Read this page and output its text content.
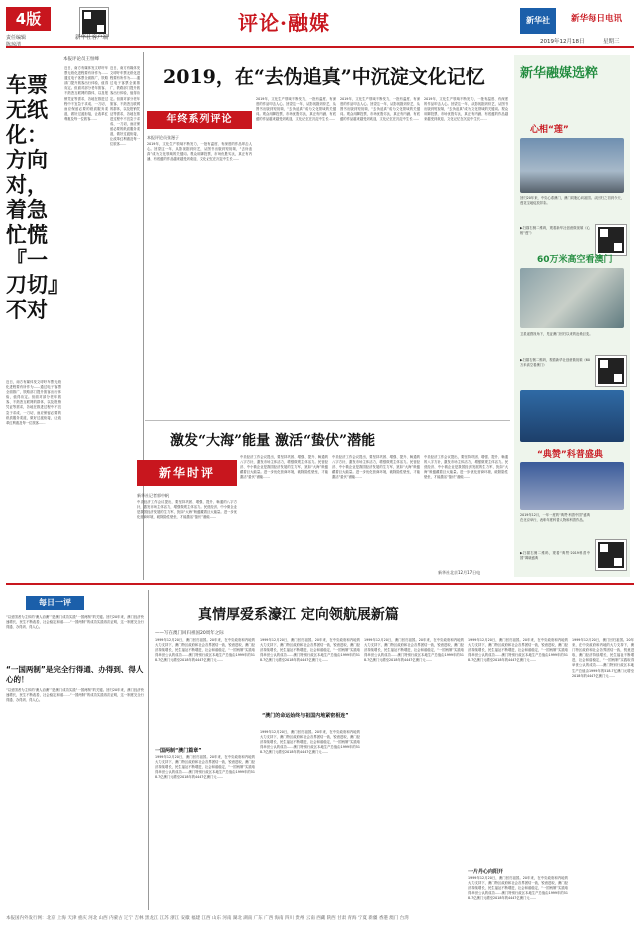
4版
责任编辑
陈琼清
新华社客户端
评论·融媒	新华社	新华每日电讯
2019年12月18日	星期三
本报评论员王恒峰
车票无纸化：方向对，着急忙慌『一刀切』不对
近日，南方有媒体发文呼吁车票无纸化进程要有所作为……通过电子客票全面推广，铁路部门提升旅客出行体验，值得肯定。但面对部分老年旅客、不熟悉互联网的群体，以及报销凭证等需求，各地在推进过程中不宜急于求成、一刀切，而应保留必要的纸质服务渠道，做好过渡衔接，让改革红利惠及每一位旅客……
近日，南方有媒体发文呼吁车票无纸化进程要有所作为……通过电子客票全面推广，铁路部门提升旅客出行体验，值得肯定。但面对部分老年旅客、不熟悉互联网的群体，以及报销凭证等需求，各地在推进过程中不宜急于求成、一刀切，而应保留必要的纸质服务渠道，做好过渡衔接，让改革红利惠及每一位旅客……
近日，南方有媒体发文呼吁车票无纸化进程要有所作为……通过电子客票全面推广，铁路部门提升旅客出行体验，值得肯定。但面对部分老年旅客、不熟悉互联网的群体，以及报销凭证等需求，各地在推进过程中不宜急于求成、一刀切，而应保留必要的纸质服务渠道，做好过渡衔接，让改革红利惠及每一位旅客……
2019，在“去伪追真”中沉淀文化记忆
年终系列评论
本报评论员张漫子
2019年，文化生产领域不断发力，一批有温度、有深度的作品叩击人心。回望这一年，从影视剧到综艺，从图书出版到短视频，“去伪追真”成为文化领域的关键词。观众用脚投票，市场优胜劣汰，真正有内涵、有底蕴的作品越来越受到欢迎，文化记忆在沉淀中生长……
2019年，文化生产领域不断发力，一批有温度、有深度的作品叩击人心。回望这一年，从影视剧到综艺，从图书出版到短视频，“去伪追真”成为文化领域的关键词。观众用脚投票，市场优胜劣汰，真正有内涵、有底蕴的作品越来越受到欢迎，文化记忆在沉淀中生长……
2019年，文化生产领域不断发力，一批有温度、有深度的作品叩击人心。回望这一年，从影视剧到综艺，从图书出版到短视频，“去伪追真”成为文化领域的关键词。观众用脚投票，市场优胜劣汰，真正有内涵、有底蕴的作品越来越受到欢迎，文化记忆在沉淀中生长……
2019年，文化生产领域不断发力，一批有温度、有深度的作品叩击人心。回望这一年，从影视剧到综艺，从图书出版到短视频，“去伪追真”成为文化领域的关键词。观众用脚投票，市场优胜劣汰，真正有内涵、有底蕴的作品越来越受到欢迎，文化记忆在沉淀中生长……
激发“大海”能量 激活“蛰伏”潜能
新华时评
新华社记者郭中帆
中央经济工作会议提出，要坚持巩固、增强、提升、畅通的八字方针，激发市场主体活力，增强微观主体活力。民营经济、中小微企业是我国经济发展的生力军，犹如“大海”般蕴藏着巨大能量。进一步优化营商环境，破除隐性壁垒，才能激活“蛰伏”潜能……
中央经济工作会议提出，要坚持巩固、增强、提升、畅通的八字方针，激发市场主体活力，增强微观主体活力。民营经济、中小微企业是我国经济发展的生力军，犹如“大海”般蕴藏着巨大能量。进一步优化营商环境，破除隐性壁垒，才能激活“蛰伏”潜能……
中央经济工作会议提出，要坚持巩固、增强、提升、畅通的八字方针，激发市场主体活力，增强微观主体活力。民营经济、中小微企业是我国经济发展的生力军，犹如“大海”般蕴藏着巨大能量。进一步优化营商环境，破除隐性壁垒，才能激活“蛰伏”潜能……
中央经济工作会议提出，要坚持巩固、增强、提升、畅通的八字方针，激发市场主体活力，增强微观主体活力。民营经济、中小微企业是我国经济发展的生力军，犹如“大海”般蕴藏着巨大能量。进一步优化营商环境，破除隐性壁垒，才能激活“蛰伏”潜能……
新华社北京12月17日电
新华融媒选粹
心相“莲”
回归20年来，中央心系澳门，澳门同胞心向祖国。从回归之初到今天，莲花宝地绽放异彩。
▶扫描右侧二维码，观看新华社创意微视频《心相“莲”》
60万米高空看澳门
卫星遥感视角下，见证澳门回归以来的沧桑巨变。
▶扫描右侧二维码，观看新华社创意微视频《60万米高空看澳门》
“典赞”科普盛典
2019年12月，一年一度的“典赞·科普中国”盛典在北京举行，表彰年度科普人物和科普作品。
▶扫描右侧二维码，观看“典赞·2019科普中国”揭晓盛典
每日一评
“以爱国者为主体的‘澳人治澳’”是澳门成功实践“一国两制”的关键。回归20年来，澳门经济快速增长，民生不断改善，社会稳定和谐……“一国两制”的成功实践再次证明，这一制度完全行得通、办得到、得人心。
“一国两制”是完全行得通、办得到、得人心的！
“以爱国者为主体的‘澳人治澳’”是澳门成功实践“一国两制”的关键。回归20年来，澳门经济快速增长，民生不断改善，社会稳定和谐……“一国两制”的成功实践再次证明，这一制度完全行得通、办得到、得人心。
真情厚爱系濠江 定向领航展新篇
——写在澳门回归祖国20周年之际
1999年12月20日，澳门回归祖国。20年来，在中央政府和内地的大力支持下，澳门特区政府和社会各界团结一致，锐意进取，澳门经济持续增长，民生福祉不断增进，社会和谐稳定，“一国两制”实践取得举世公认的成功……澳门特别行政区本地生产总值由1999年的518.7亿澳门元增至2018年的4447亿澳门元……
一国两制“澳门篇章”
1999年12月20日，澳门回归祖国。20年来，在中央政府和内地的大力支持下，澳门特区政府和社会各界团结一致，锐意进取，澳门经济持续增长，民生福祉不断增进，社会和谐稳定，“一国两制”实践取得举世公认的成功……澳门特别行政区本地生产总值由1999年的518.7亿澳门元增至2018年的4447亿澳门元……
1999年12月20日，澳门回归祖国。20年来，在中央政府和内地的大力支持下，澳门特区政府和社会各界团结一致，锐意进取，澳门经济持续增长，民生福祉不断增进，社会和谐稳定，“一国两制”实践取得举世公认的成功……澳门特别行政区本地生产总值由1999年的518.7亿澳门元增至2018年的4447亿澳门元……
“澳门的命运始终与祖国内地紧密相连”
1999年12月20日，澳门回归祖国。20年来，在中央政府和内地的大力支持下，澳门特区政府和社会各界团结一致，锐意进取，澳门经济持续增长，民生福祉不断增进，社会和谐稳定，“一国两制”实践取得举世公认的成功……澳门特别行政区本地生产总值由1999年的518.7亿澳门元增至2018年的4447亿澳门元……
1999年12月20日，澳门回归祖国。20年来，在中央政府和内地的大力支持下，澳门特区政府和社会各界团结一致，锐意进取，澳门经济持续增长，民生福祉不断增进，社会和谐稳定，“一国两制”实践取得举世公认的成功……澳门特别行政区本地生产总值由1999年的518.7亿澳门元增至2018年的4447亿澳门元……
1999年12月20日，澳门回归祖国。20年来，在中央政府和内地的大力支持下，澳门特区政府和社会各界团结一致，锐意进取，澳门经济持续增长，民生福祉不断增进，社会和谐稳定，“一国两制”实践取得举世公认的成功……澳门特别行政区本地生产总值由1999年的518.7亿澳门元增至2018年的4447亿澳门元……
一片丹心向阳开
1999年12月20日，澳门回归祖国。20年来，在中央政府和内地的大力支持下，澳门特区政府和社会各界团结一致，锐意进取，澳门经济持续增长，民生福祉不断增进，社会和谐稳定，“一国两制”实践取得举世公认的成功……澳门特别行政区本地生产总值由1999年的518.7亿澳门元增至2018年的4447亿澳门元……
1999年12月20日，澳门回归祖国。20年来，在中央政府和内地的大力支持下，澳门特区政府和社会各界团结一致，锐意进取，澳门经济持续增长，民生福祉不断增进，社会和谐稳定，“一国两制”实践取得举世公认的成功……澳门特别行政区本地生产总值由1999年的518.7亿澳门元增至2018年的4447亿澳门元……
本报国内外发行网：北京 上海 天津 重庆 河北 山西 内蒙古 辽宁 吉林 黑龙江 江苏 浙江 安徽 福建 江西 山东 河南 湖北 湖南 广东 广西 海南 四川 贵州 云南 西藏 陕西 甘肃 青海 宁夏 新疆 香港 澳门 台湾
